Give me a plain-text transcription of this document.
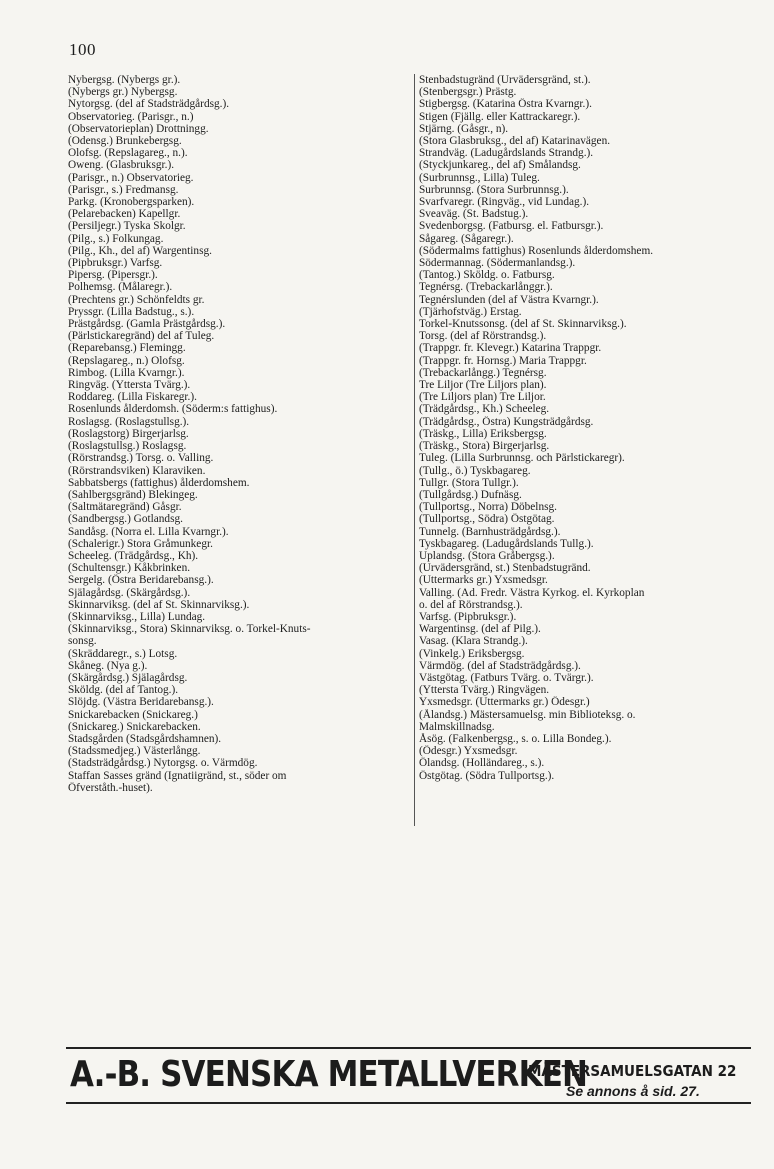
100
Nybergsg. (Nybergs gr.).
(Nybergs gr.) Nybergsg.
Nytorgsg. (del af Stadsträdgårdsg.).
Observatorieg. (Parisgr., n.)
(Observatorieplan) Drottningg.
(Odensg.) Brunkebergsg.
Olofsg. (Repslagareg., n.).
Oweng. (Glasbruksgr.).
(Parisgr., n.) Observatorieg.
(Parisgr., s.) Fredmansg.
Parkg. (Kronobergsparken).
(Pelarebacken) Kapellgr.
(Persiljegr.) Tyska Skolgr.
(Pilg., s.) Folkungag.
(Pilg., Kh., del af) Wargentinsg.
(Pipbruksgr.) Varfsg.
Pipersg. (Pipersgr.).
Polhemsg. (Målaregr.).
(Prechtens gr.) Schönfeldts gr.
Pryssgr. (Lilla Badstug., s.).
Prästgårdsg. (Gamla Prästgårdsg.).
(Pärlstickaregränd) del af Tuleg.
(Reparebansg.) Flemingg.
(Repslagareg., n.) Olofsg.
Rimbog. (Lilla Kvarngr.).
Ringväg. (Yttersta Tvärg.).
Roddareg. (Lilla Fiskaregr.).
Rosenlunds ålderdomsh. (Söderm:s fattighus).
Roslagsg. (Roslagstullsg.).
(Roslagstorg) Birgerjarlsg.
(Roslagstullsg.) Roslagsg.
(Rörstrandsg.) Torsg. o. Valling.
(Rörstrandsviken) Klaraviken.
Sabbatsbergs (fattighus) ålderdomshem.
(Sahlbergsgränd) Blekingeg.
(Saltmätaregränd) Gåsgr.
(Sandbergsg.) Gotlandsg.
Sandåsg. (Norra el. Lilla Kvarngr.).
(Schalerigr.) Stora Gråmunkegr.
Scheeleg. (Trädgårdsg., Kh).
(Schultensgr.) Kåkbrinken.
Sergelg. (Östra Beridarebansg.).
Själagårdsg. (Skärgårdsg.).
Skinnarviksg. (del af St. Skinnarviksg.).
(Skinnarviksg., Lilla) Lundag.
(Skinnarviksg., Stora) Skinnarviksg. o. Torkel-Knuts-
sonsg.
(Skräddaregr., s.) Lotsg.
Skåneg. (Nya g.).
(Skärgårdsg.) Själagårdsg.
Sköldg. (del af Tantog.).
Slöjdg. (Västra Beridarebansg.).
Snickarebacken (Snickareg.)
(Snickareg.) Snickarebacken.
Stadsgården (Stadsgårdshamnen).
(Stadssmedjeg.) Västerlångg.
(Stadsträdgårdsg.) Nytorgsg. o. Värmdög.
Staffan Sasses gränd (Ignatiigränd, st., söder om
Öfverståth.-huset).
Stenbadstugränd (Urvädersgränd, st.).
(Stenbergsgr.) Prästg.
Stigbergsg. (Katarina Östra Kvarngr.).
Stigen (Fjällg. eller Kattrackaregr.).
Stjärng. (Gåsgr., n).
(Stora Glasbruksg., del af) Katarinavägen.
Strandväg. (Ladugårdslands Strandg.).
(Styckjunkareg., del af) Smålandsg.
(Surbrunnsg., Lilla) Tuleg.
Surbrunnsg. (Stora Surbrunnsg.).
Svarfvaregr. (Ringväg., vid Lundag.).
Sveaväg. (St. Badstug.).
Svedenborgsg. (Fatbursg. el. Fatbursgr.).
Sågareg. (Sågaregr.).
(Södermalms fattighus) Rosenlunds ålderdomshem.
Södermannag. (Södermanlandsg.).
(Tantog.) Sköldg. o. Fatbursg.
Tegnérsg. (Trebackarlånggr.).
Tegnérslunden (del af Västra Kvarngr.).
(Tjärhofstväg.) Erstag.
Torkel-Knutssonsg. (del af St. Skinnarviksg.).
Torsg. (del af Rörstrandsg.).
(Trappgr. fr. Klevegr.) Katarina Trappgr.
(Trappgr. fr. Hornsg.) Maria Trappgr.
(Trebackarlångg.) Tegnérsg.
Tre Liljor (Tre Liljors plan).
(Tre Liljors plan) Tre Liljor.
(Trädgårdsg., Kh.) Scheeleg.
(Trädgårdsg., Östra) Kungsträdgårdsg.
(Träskg., Lilla) Eriksbergsg.
(Träskg., Stora) Birgerjarlsg.
Tuleg. (Lilla Surbrunnsg. och Pärlstickaregr).
(Tullg., ö.) Tyskbagareg.
Tullgr. (Stora Tullgr.).
(Tullgårdsg.) Dufnäsg.
(Tullportsg., Norra) Döbelnsg.
(Tullportsg., Södra) Östgötag.
Tunnelg. (Barnhusträdgårdsg.).
Tyskbagareg. (Ladugårdslands Tullg.).
Uplandsg. (Stora Gråbergsg.).
(Urvädersgränd, st.) Stenbadstugränd.
(Uttermarks gr.) Yxsmedsgr.
Valling. (Ad. Fredr. Västra Kyrkog. el. Kyrkoplan
o. del af Rörstrandsg.).
Varfsg. (Pipbruksgr.).
Wargentinsg. (del af Pilg.).
Vasag. (Klara Strandg.).
(Vinkelg.) Eriksbergsg.
Värmdög. (del af Stadsträdgårdsg.).
Västgötag. (Fatburs Tvärg. o. Tvärgr.).
(Yttersta Tvärg.) Ringvägen.
Yxsmedsgr. (Uttermarks gr.) Ödesgr.)
(Ålandsg.) Mästersamuelsg. min Biblioteksg. o.
Malmskillnadsg.
Åsög. (Falkenbergsg., s. o. Lilla Bondeg.).
(Ödesgr.) Yxsmedsgr.
Ölandsg. (Holländareg., s.).
Östgötag. (Södra Tullportsg.).
A.-B. SVENSKA METALLVERKEN
MÄSTERSAMUELSGATAN 22
Se annons å sid. 27.
